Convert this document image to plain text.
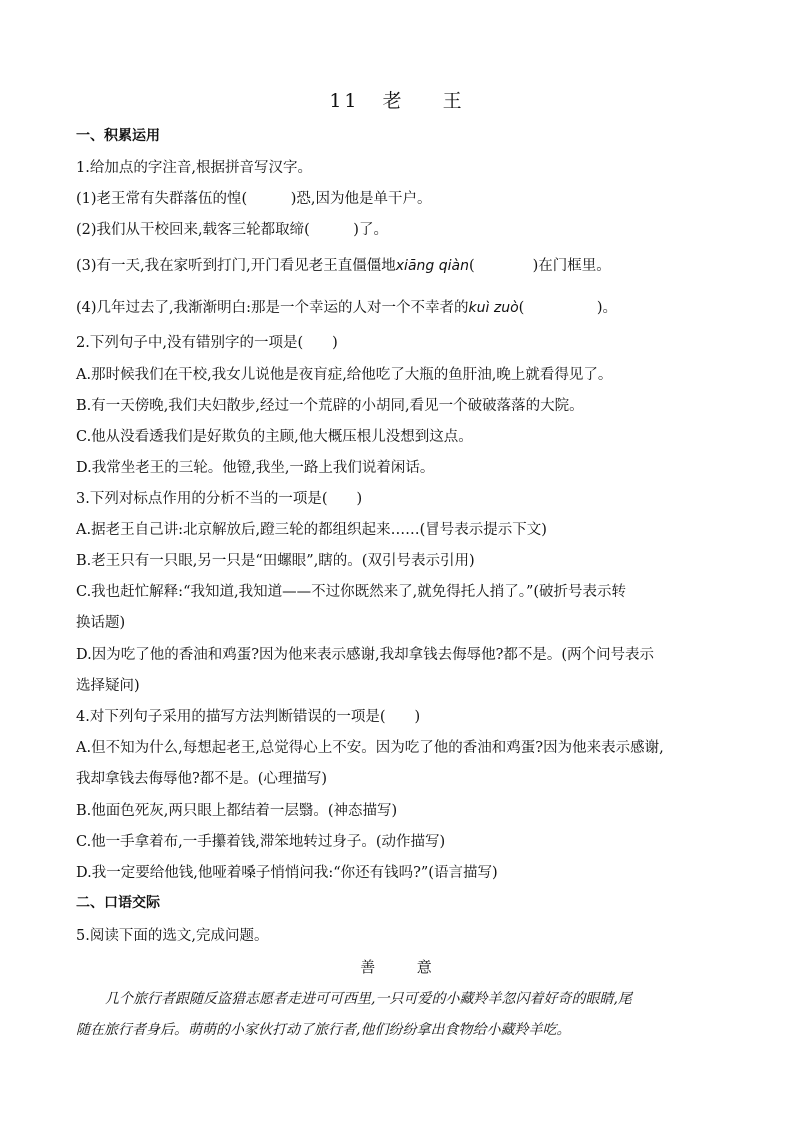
11 老 王
一、积累运用
1.给加点的字注音,根据拼音写汉字。
(1)老王常有失群落伍的惶(　　　)恐,因为他是单干户。
(2)我们从干校回来,载客三轮都取缔(　　　)了。
(3)有一天,我在家听到打门,开门看见老王直僵僵地xiāng qiàn(　　　　)在门框里。
(4)几年过去了,我渐渐明白:那是一个幸运的人对一个不幸者的kuì zuò(　　　　　)。
2.下列句子中,没有错别字的一项是(　　)
A.那时候我们在干校,我女儿说他是夜肓症,给他吃了大瓶的鱼肝油,晚上就看得见了。
B.有一天傍晚,我们夫妇散步,经过一个荒辟的小胡同,看见一个破破落落的大院。
C.他从没看透我们是好欺负的主顾,他大概压根儿没想到这点。
D.我常坐老王的三轮。他镫,我坐,一路上我们说着闲话。
3.下列对标点作用的分析不当的一项是(　　)
A.据老王自己讲:北京解放后,蹬三轮的都组织起来……(冒号表示提示下文)
B.老王只有一只眼,另一只是“田螺眼”,瞎的。(双引号表示引用)
C.我也赶忙解释:“我知道,我知道——不过你既然来了,就免得托人捎了。”(破折号表示转
换话题)
D.因为吃了他的香油和鸡蛋?因为他来表示感谢,我却拿钱去侮辱他?都不是。(两个问号表示
选择疑问)
4.对下列句子采用的描写方法判断错误的一项是(　　)
A.但不知为什么,每想起老王,总觉得心上不安。因为吃了他的香油和鸡蛋?因为他来表示感谢,
我却拿钱去侮辱他?都不是。(心理描写)
B.他面色死灰,两只眼上都结着一层翳。(神态描写)
C.他一手拿着布,一手攥着钱,滞笨地转过身子。(动作描写)
D.我一定要给他钱,他哑着嗓子悄悄问我:“你还有钱吗?”(语言描写)
二、口语交际
5.阅读下面的选文,完成问题。
善	意
几个旅行者跟随反盗猎志愿者走进可可西里,一只可爱的小藏羚羊忽闪着好奇的眼睛,尾
随在旅行者身后。萌萌的小家伙打动了旅行者,他们纷纷拿出食物给小藏羚羊吃。
